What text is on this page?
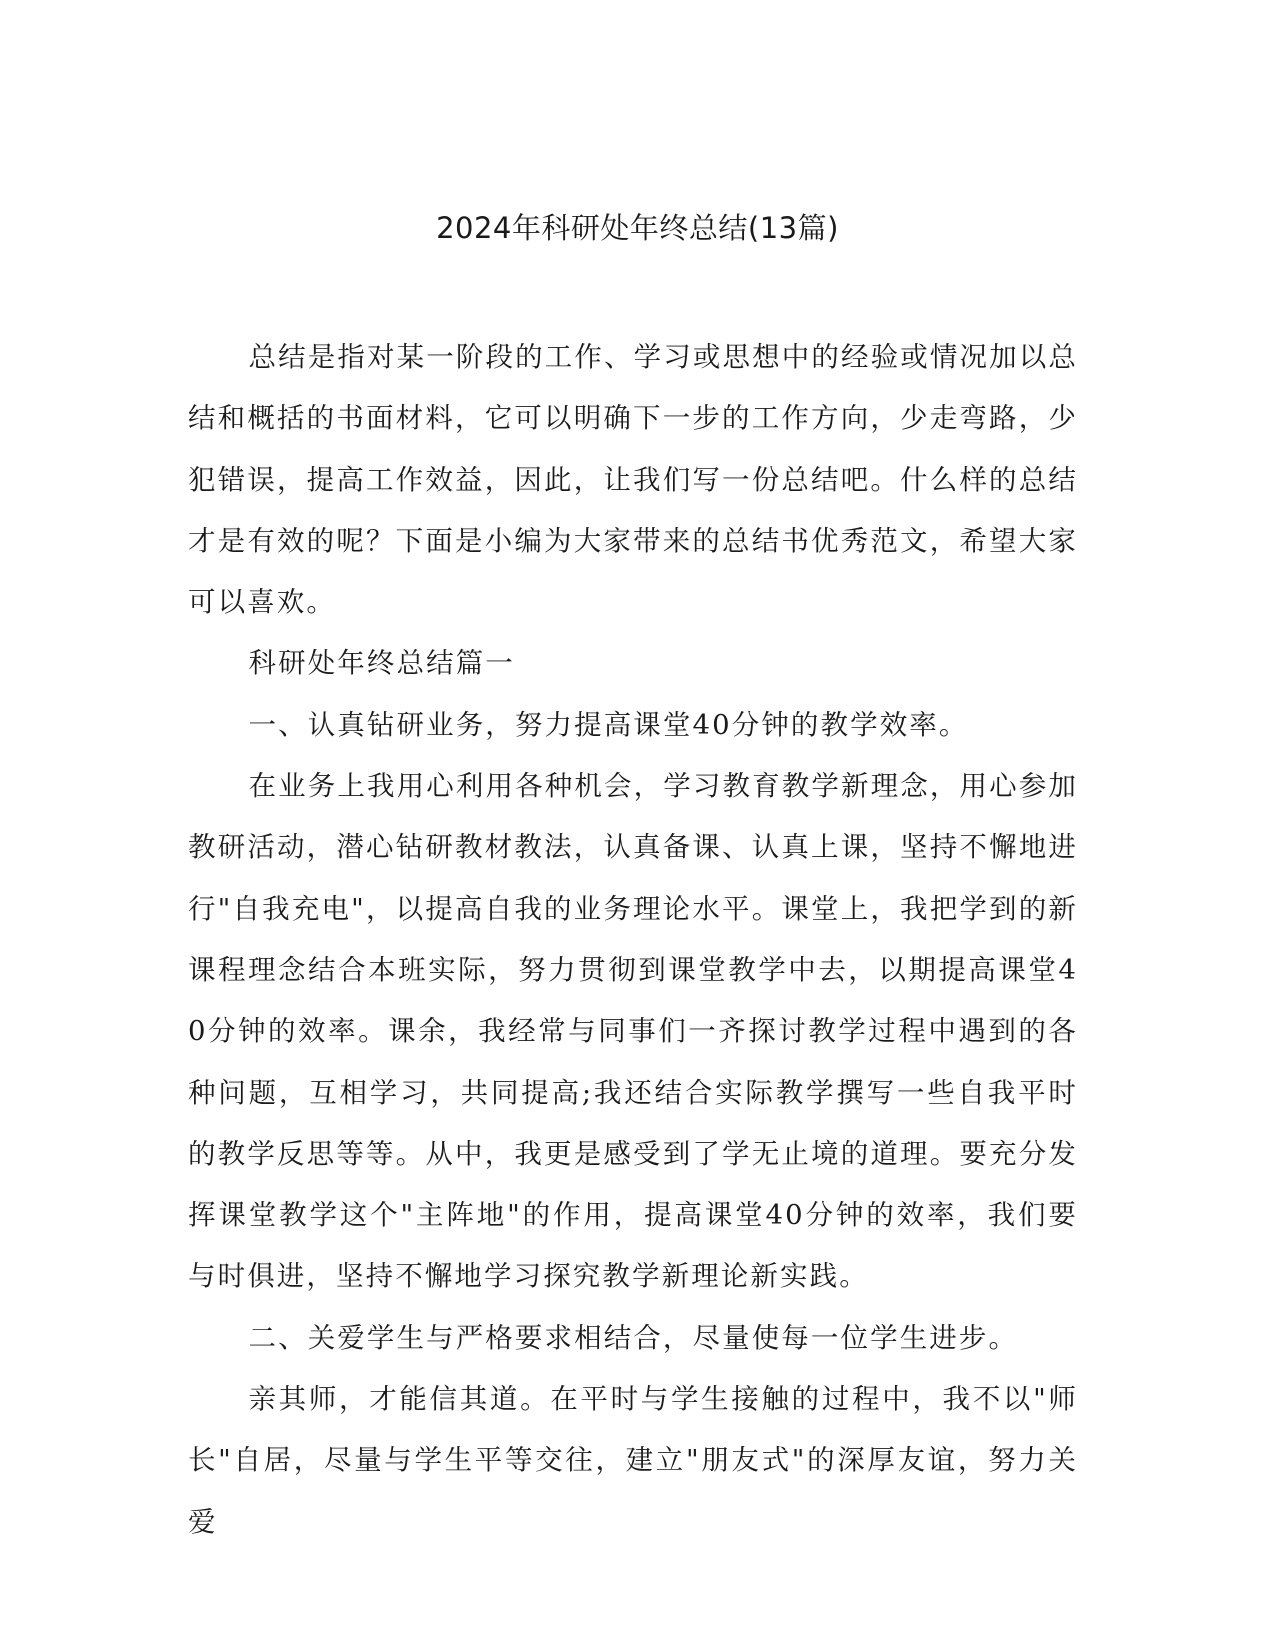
2024年科研处年终总结(13篇)

总结是指对某一阶段的工作、学习或思想中的经验或情况加以总结和概括的书面材料，它可以明确下一步的工作方向，少走弯路，少犯错误，提高工作效益，因此，让我们写一份总结吧。什么样的总结才是有效的呢？下面是小编为大家带来的总结书优秀范文，希望大家可以喜欢。

科研处年终总结篇一

一、认真钻研业务，努力提高课堂40分钟的教学效率。

在业务上我用心利用各种机会，学习教育教学新理念，用心参加教研活动，潜心钻研教材教法，认真备课、认真上课，坚持不懈地进行"自我充电"，以提高自我的业务理论水平。课堂上，我把学到的新课程理念结合本班实际，努力贯彻到课堂教学中去，以期提高课堂40分钟的效率。课余，我经常与同事们一齐探讨教学过程中遇到的各种问题，互相学习，共同提高;我还结合实际教学撰写一些自我平时的教学反思等等。从中，我更是感受到了学无止境的道理。要充分发挥课堂教学这个"主阵地"的作用，提高课堂40分钟的效率，我们要与时俱进，坚持不懈地学习探究教学新理论新实践。

二、关爱学生与严格要求相结合，尽量使每一位学生进步。

亲其师，才能信其道。在平时与学生接触的过程中，我不以"师长"自居，尽量与学生平等交往，建立"朋友式"的深厚友谊，努力关爱
